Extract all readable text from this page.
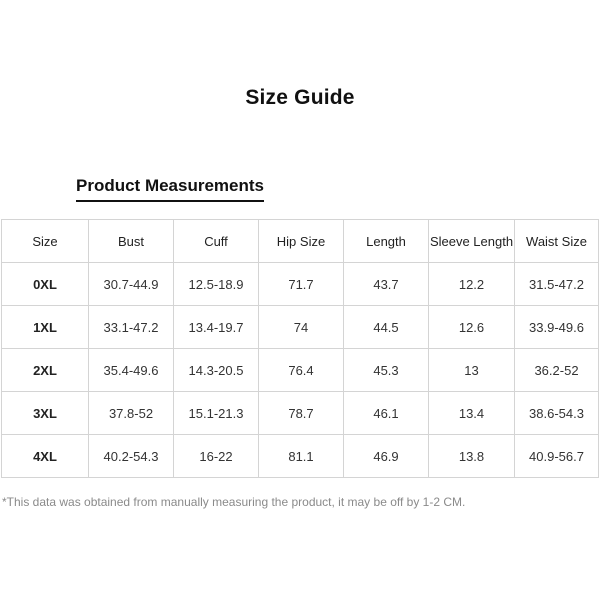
Size Guide
Product Measurements
Size	Bust	Cuff	Hip Size	Length	Sleeve Length	Waist Size
0XL	30.7-44.9	12.5-18.9	71.7	43.7	12.2	31.5-47.2
1XL	33.1-47.2	13.4-19.7	74	44.5	12.6	33.9-49.6
2XL	35.4-49.6	14.3-20.5	76.4	45.3	13	36.2-52
3XL	37.8-52	15.1-21.3	78.7	46.1	13.4	38.6-54.3
4XL	40.2-54.3	16-22	81.1	46.9	13.8	40.9-56.7
*This data was obtained from manually measuring the product, it may be off by 1-2 CM.
